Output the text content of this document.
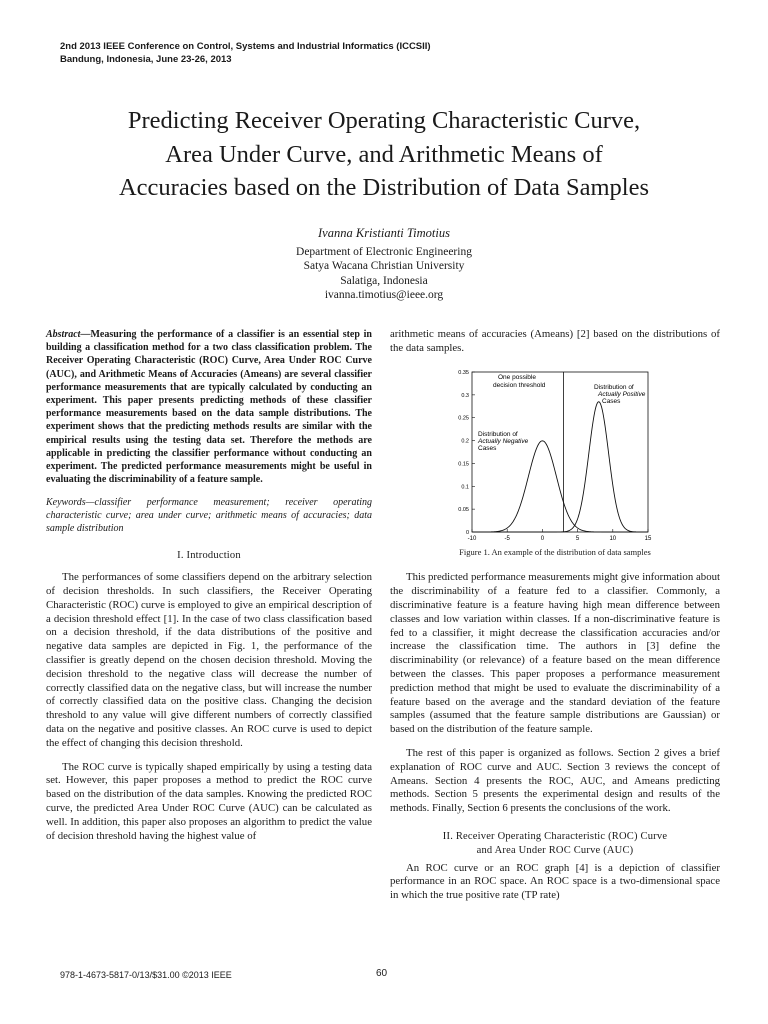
2nd 2013 IEEE Conference on Control, Systems and Industrial Informatics (ICCSII)
Bandung, Indonesia, June 23-26, 2013
Predicting Receiver Operating Characteristic Curve,
Area Under Curve, and Arithmetic Means of
Accuracies based on the Distribution of Data Samples
Ivanna Kristianti Timotius
Department of Electronic Engineering
Satya Wacana Christian University
Salatiga, Indonesia
ivanna.timotius@ieee.org
Abstract—Measuring the performance of a classifier is an essential step in building a classification method for a two class classification problem. The Receiver Operating Characteristic (ROC) Curve, Area Under ROC Curve (AUC), and Arithmetic Means of Accuracies (Ameans) are several classifier performance measurements that are typically calculated by conducting an experiment. This paper presents predicting methods of these classifier performance measurements based on the data sample distributions. The experiment shows that the predicting methods results are similar with the empirical results using the testing data set. Therefore the methods are applicable in predicting the classifier performance without conducting an experiment. The predicted performance measurements might be useful in evaluating the discriminability of a feature sample.
Keywords—classifier performance measurement; receiver operating characteristic curve; area under curve; arithmetic means of accuracies; data sample distribution
I. Introduction

The performances of some classifiers depend on the arbitrary selection of decision thresholds. In such classifiers, the Receiver Operating Characteristic (ROC) curve is employed to give an empirical description of a decision threshold effect [1]. In the case of two class classification based on a decision threshold, if the data distributions of the positive and negative data samples are depicted in Fig. 1, the performance of the classifier is greatly depend on the chosen decision threshold. Moving the decision threshold to the negative class will decrease the number of correctly classified data on the negative class, but will increase the number of correctly classified data on the positive class. Changing the decision threshold to any value will give different numbers of correctly classified data on the negative and positive classes. An ROC curve is used to depict the effect of changing this decision threshold.

The ROC curve is typically shaped empirically by using a testing data set. However, this paper proposes a method to predict the ROC curve based on the distribution of the data samples. Knowing the predicted ROC curve, the predicted Area Under ROC Curve (AUC) can be calculated as well. In addition, this paper also proposes an algorithm to predict the value of decision threshold having the highest value of

arithmetic means of accuracies (Ameans) [2] based on the distributions of the data samples.

-10	-5	0	5	10	15
0
0.05
0.1
0.15
0.2
0.25
0.3
0.35
One possible
decision threshold
Distribution of
Actually Negative
Cases
Distribution of
Actually Positive
Cases
Figure 1. An example of the distribution of data samples

This predicted performance measurements might give information about the discriminability of a feature fed to a classifier. Commonly, a discriminative feature is a feature having high mean difference between classes and low variation within classes. If a non-discriminative feature is fed to a classifier, it might decrease the classification accuracies and/or increase the classification time. The authors in [3] define the discriminability (or relevance) of a feature based on the mean difference between the classes. This paper proposes a performance measurement prediction method that might be used to evaluate the discriminability of a feature based on the average and the standard deviation of the feature samples (assumed that the feature sample distributions are Gaussian) or based on the distribution of the feature sample.

The rest of this paper is organized as follows. Section 2 gives a brief explanation of ROC curve and AUC. Section 3 reviews the concept of Ameans. Section 4 presents the ROC, AUC, and Ameans predicting methods. Section 5 presents the experimental design and results of the methods. Finally, Section 6 presents the conclusions of the work.

II. Receiver Operating Characteristic (ROC) Curve
and Area Under ROC Curve (AUC)

An ROC curve or an ROC graph [4] is a depiction of classifier performance in an ROC space. An ROC space is a two-dimensional space in which the true positive rate (TP rate)

978-1-4673-5817-0/13/$31.00 ©2013 IEEE	60
